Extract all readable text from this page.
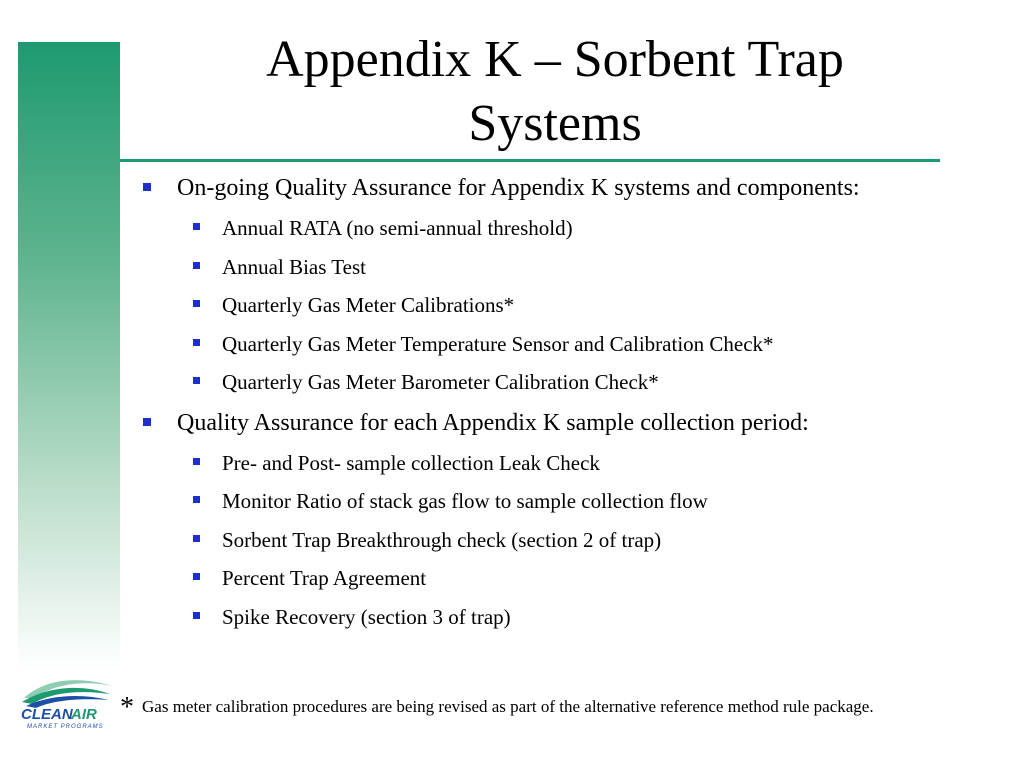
Appendix K – Sorbent Trap
Systems
On-going Quality Assurance for Appendix K systems and components:
Annual RATA (no semi-annual threshold)
Annual Bias Test
Quarterly Gas Meter Calibrations*
Quarterly Gas Meter Temperature Sensor and Calibration Check*
Quarterly Gas Meter Barometer Calibration Check*
Quality Assurance for each Appendix K sample collection period:
Pre- and Post- sample collection Leak Check
Monitor Ratio of stack gas flow to sample collection flow
Sorbent Trap Breakthrough check (section 2 of trap)
Percent Trap Agreement
Spike Recovery (section 3 of trap)
* Gas meter calibration procedures are being revised as part of the alternative reference method rule package.
CLEAN
AIR
MARKET PROGRAMS
